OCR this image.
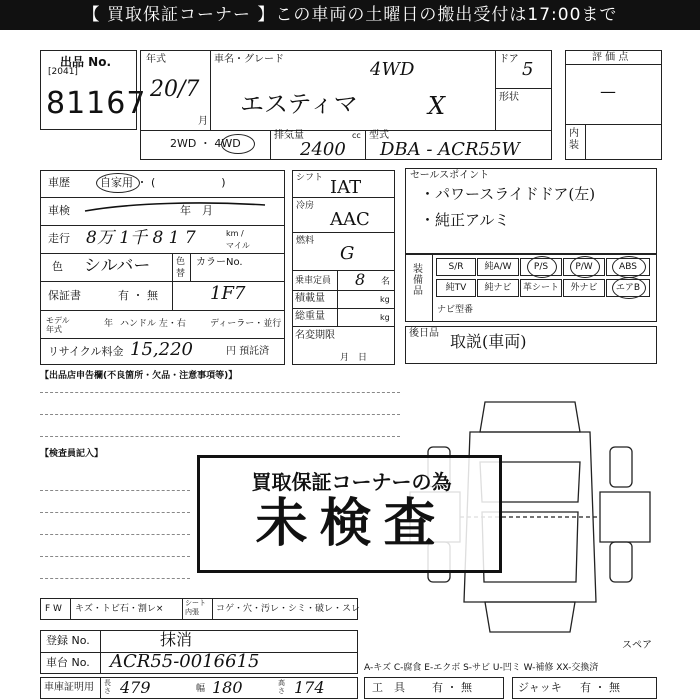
【 買取保証コーナー 】この車両の土曜日の搬出受付は17:00まで
出品 No.
[2041]
81167
年式
20/7
月
車名・グレード	4WD
エスティマ	X
ドア 5
形状
2WD ・ 4WD
排気量	cc
2400
型式
DBA - ACR55W
評 価 点
—
内装
車歴	自家用 ・ (　　　　　　)
車検	年　月
走行 8万 1千 8 1 7	km / マイル
色 シルバー	色替
カラーNo.
保証書	有 ・ 無	1F7
モデル年式
年 ハンドル 左・右	ディーラー・並行
リサイクル料金 15,220	円 預託済
シフト IAT
冷房
AAC
燃料
G
乗車定員 8 名
積載量	kg
総重量	kg
名変期限
月　日
セールスポイント
・パワースライドドア(左)
・純正アルミ
装備品
S/R	純A/W	P/S	P/W	ABS
純TV	純ナビ	革シート	外ナビ	エアB
ナビ型番
後日品 取説(車両)
【出品店申告欄(不良箇所・欠品・注意事項等)】
【検査員記入】
買取保証コーナーの為
未検査
スペア
F W キズ・トビ石・割レ×
シート内張	コゲ・穴・汚レ・シミ・破レ・スレ
登録 No.	抹消
車台 No. ACR55-0016615	A-キズ C-腐食 E-エクボ S-サビ U-凹ミ W-補修 XX-交換済
車庫証明用 長さ 479	幅 180	高さ 174	工　具 有 ・ 無	ジャッキ 有 ・ 無
